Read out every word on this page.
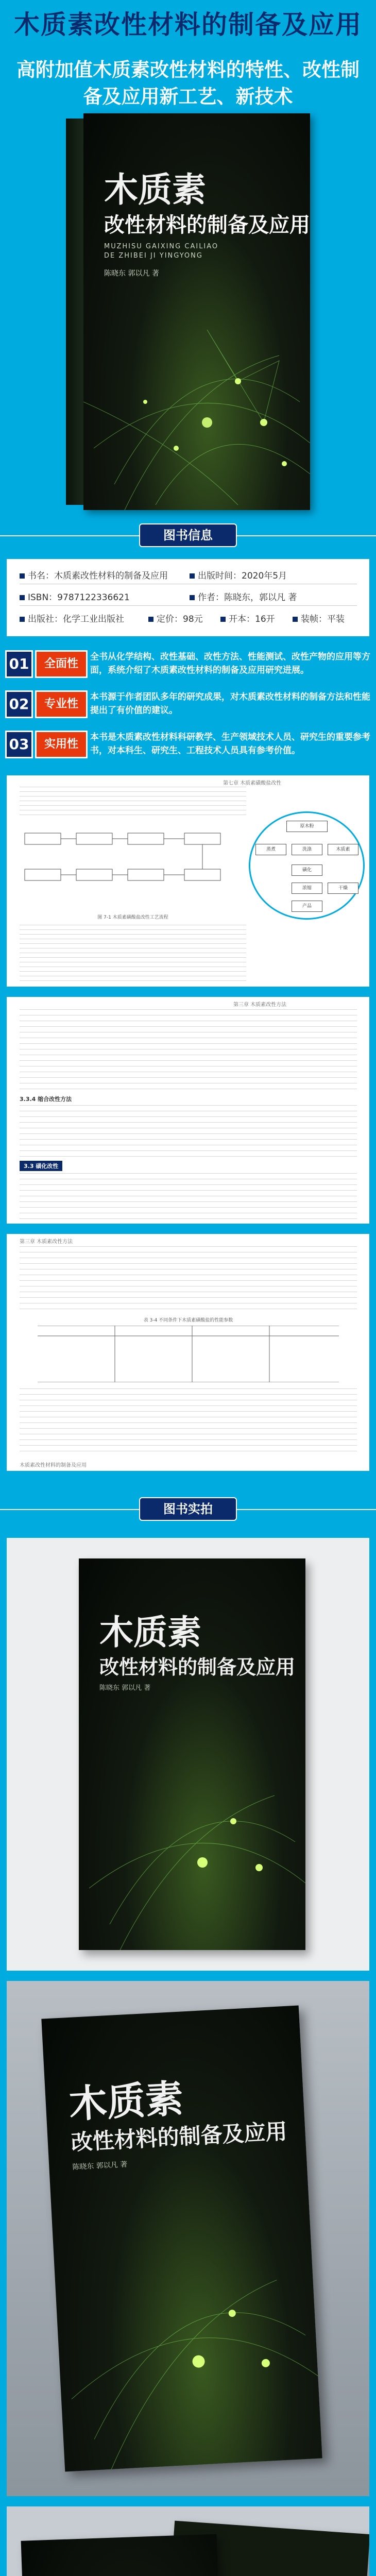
木质素改性材料的制备及应用
高附加值木质素改性材料的特性、改性制备及应用新工艺、新技术
木质素
改性材料的制备及应用
MUZHISU GAIXING CAILIAO
DE ZHIBEI JI YINGYONG
陈晓东 郭以凡 著
图书信息
书名：木质素改性材料的制备及应用	出版时间：2020年5月
ISBN：9787122336621	作者：陈晓东，郭以凡 著
出版社：化学工业出版社	定价：98元	开本：16开	装帧：平装
01	全面性
全书从化学结构、改性基础、改性方法、性能测试、改性产物的应用等方面，系统介绍了木质素改性材料的制备及应用研究进展。
02	专业性
本书源于作者团队多年的研究成果，对木质素改性材料的制备方法和性能提出了有价值的建议。
03	实用性
本书是木质素改性材料科研教学、生产领域技术人员、研究生的重要参考书，对本科生、研究生、工程技术人员具有参考价值。
第七章 木质素磺酸盐改性
图 7-1 木质素磺酸盐改性工艺流程
原木粉
蒸煮	洗涤	木质素
磺化
浓缩	干燥
产品
第三章 木质素改性方法
3.3.4 缩合改性方法
3.3 磺化改性
第三章 木质素改性方法
表 3-4 不同条件下木质素磺酸盐的性能参数
木质素改性材料的制备及应用
图书实拍
木质素
改性材料的制备及应用
陈晓东 郭以凡 著
木质素
改性材料的制备及应用
陈晓东 郭以凡 著
